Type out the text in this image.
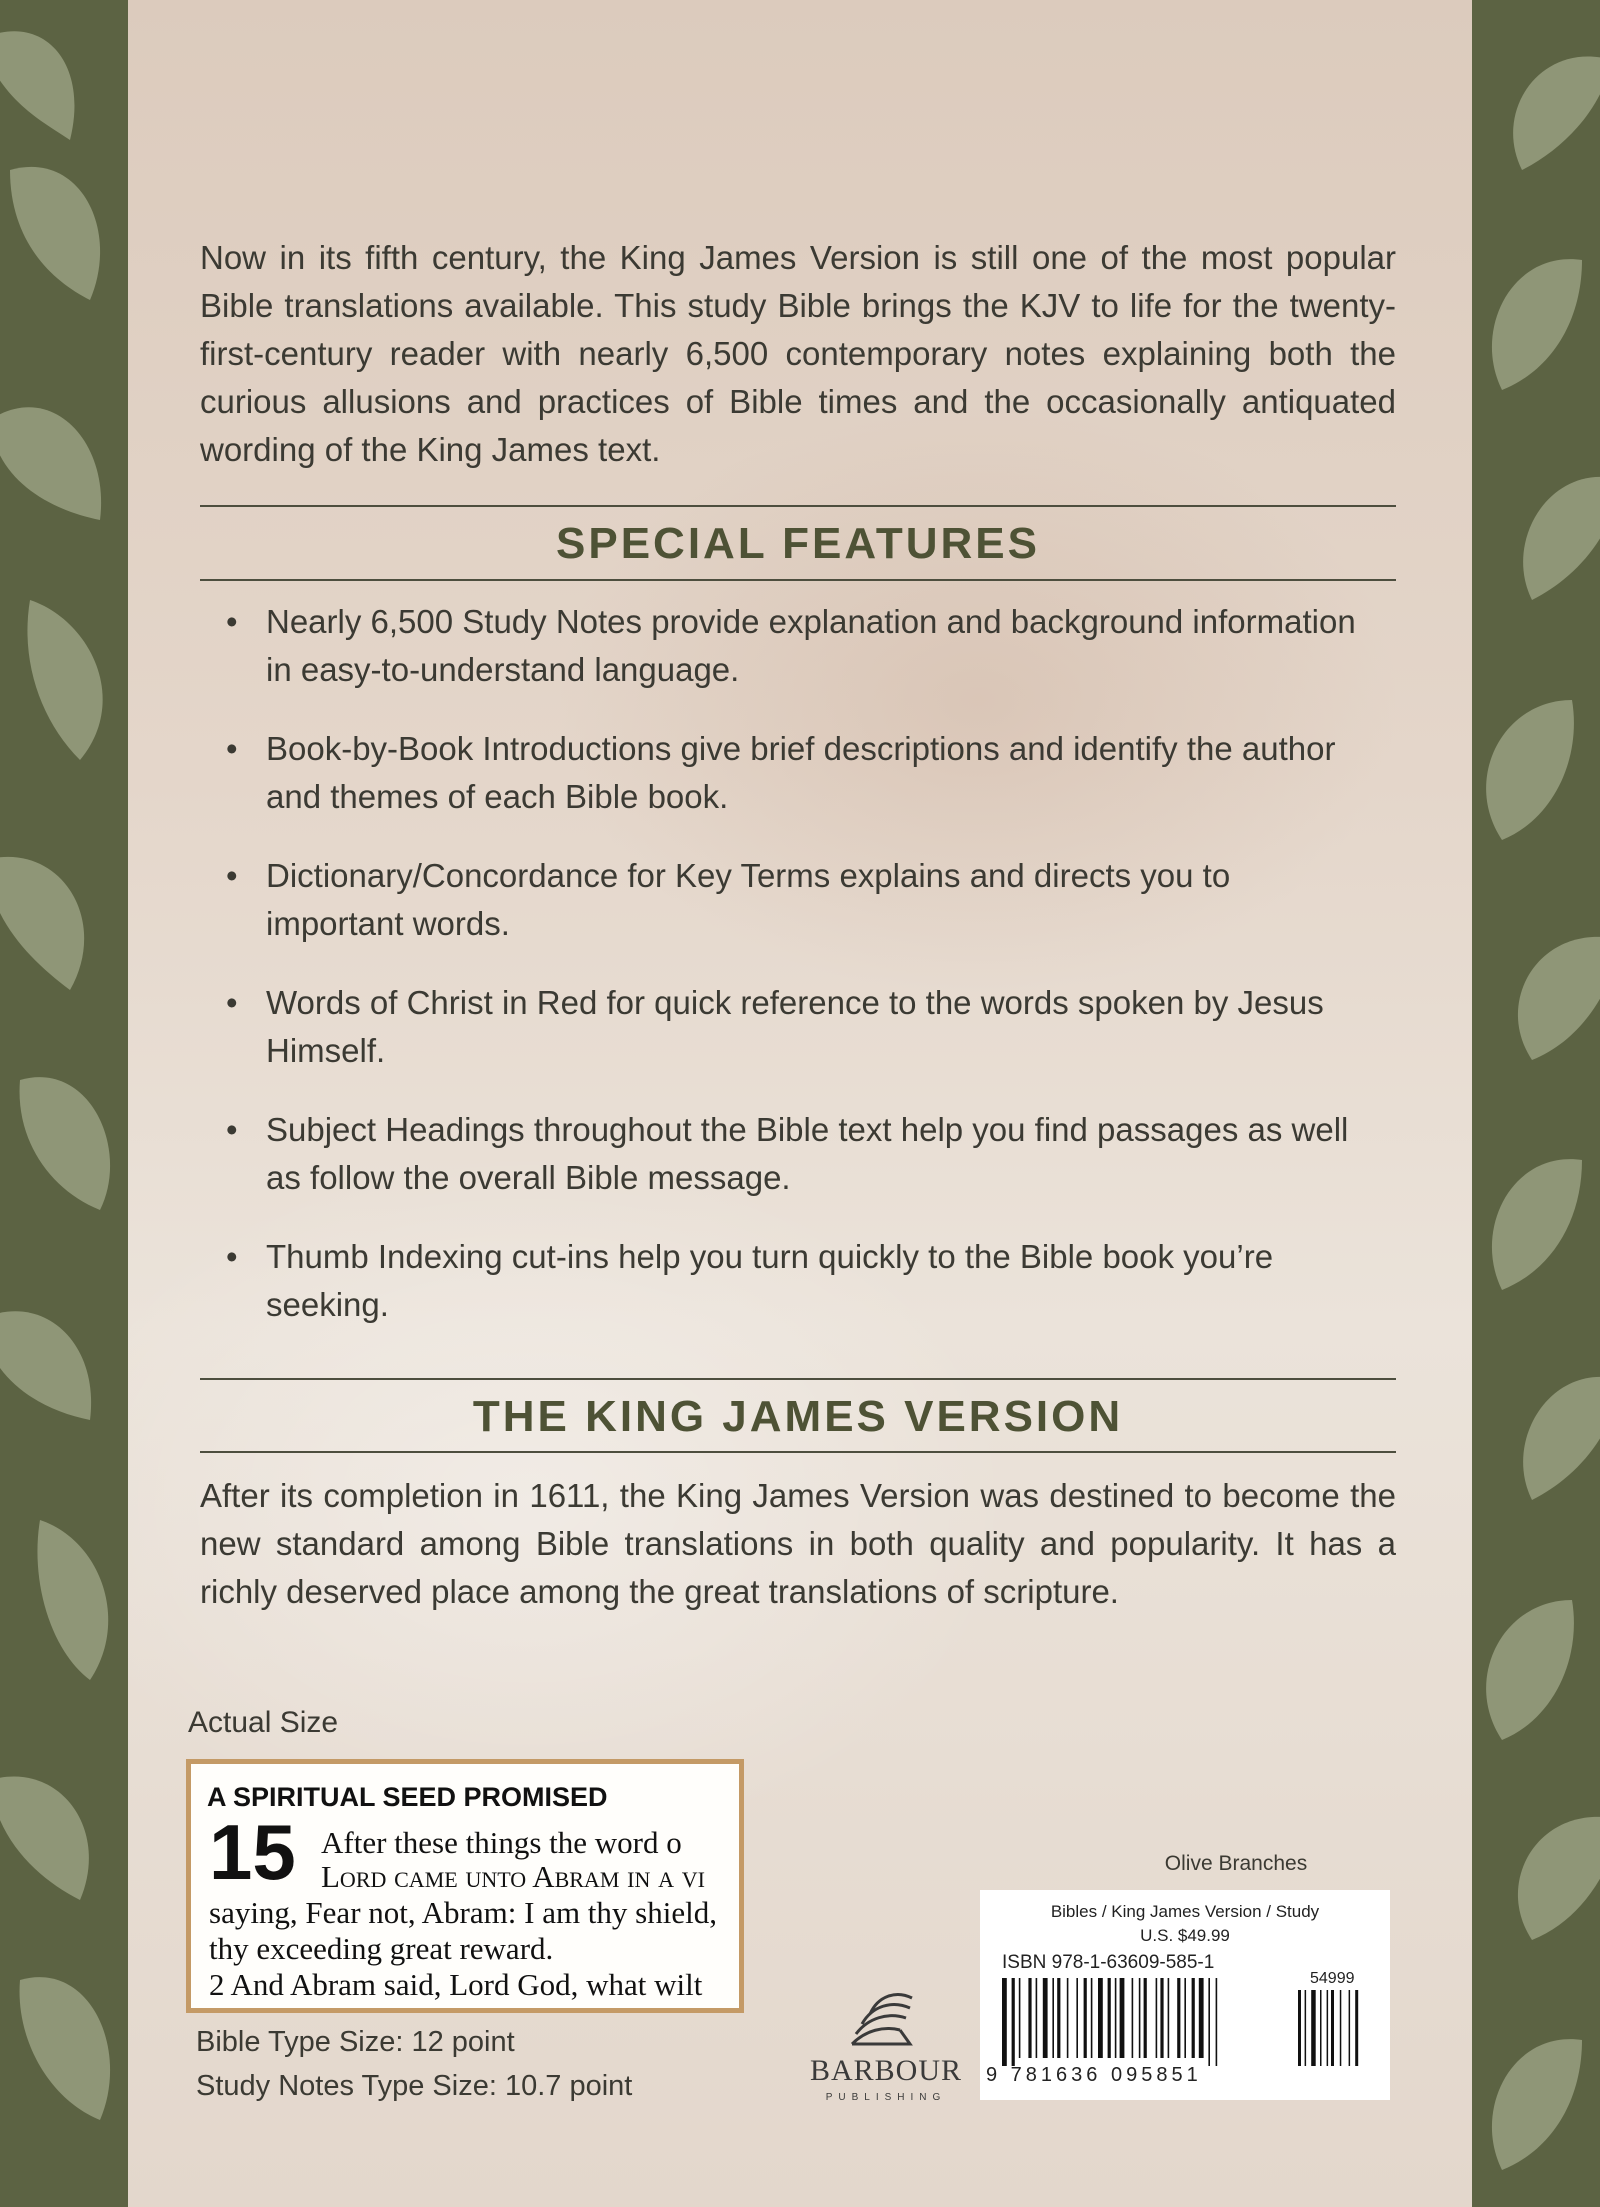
Now in its fifth century, the King James Version is still one of the most popular Bible translations available. This study Bible brings the KJV to life for the twenty-first-century reader with nearly 6,500 contemporary notes explaining both the curious allusions and practices of Bible times and the occasionally antiquated wording of the King James text.

SPECIAL FEATURES
• Nearly 6,500 Study Notes provide explanation and background information in easy-to-understand language.
• Book-by-Book Introductions give brief descriptions and identify the author and themes of each Bible book.
• Dictionary/Concordance for Key Terms explains and directs you to important words.
• Words of Christ in Red for quick reference to the words spoken by Jesus Himself.
• Subject Headings throughout the Bible text help you find passages as well as follow the overall Bible message.
• Thumb Indexing cut-ins help you turn quickly to the Bible book you’re seeking.
THE KING JAMES VERSION

After its completion in 1611, the King James Version was destined to become the new standard among Bible translations in both quality and popularity. It has a richly deserved place among the great translations of scripture.

Actual Size
A SPIRITUAL SEED PROMISED
15 After these things the word o
Lord came unto Abram in a vi
saying, Fear not, Abram: I am thy shield,
thy exceeding great reward.
2 And Abram said, Lord God, what wilt
Bible Type Size: 12 point
Study Notes Type Size: 10.7 point	BARBOUR
PUBLISHING
Olive Branches
Bibles / King James Version / Study
U.S. $49.99
ISBN 978-1-63609-585-1
54999
9 781636 095851
